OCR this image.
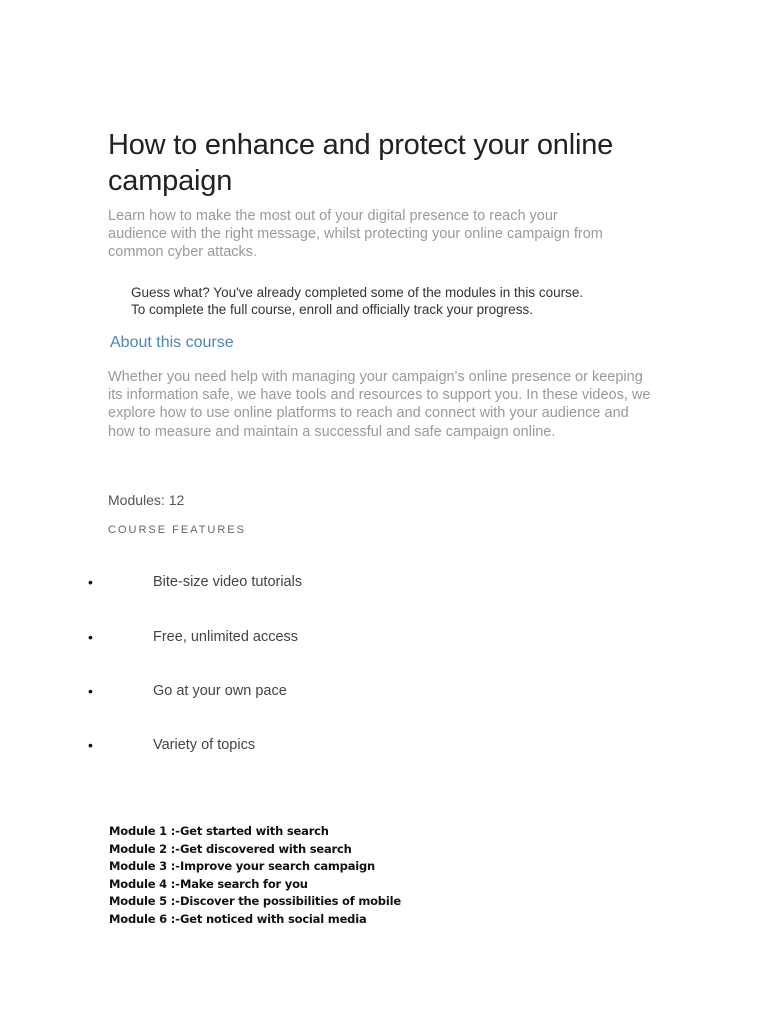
How to enhance and protect your online campaign

Learn how to make the most out of your digital presence to reach your audience with the right message, whilst protecting your online campaign from common cyber attacks.

Guess what? You've already completed some of the modules in this course.
To complete the full course, enroll and officially track your progress.

About this course

Whether you need help with managing your campaign's online presence or keeping its information safe, we have tools and resources to support you. In these videos, we explore how to use online platforms to reach and connect with your audience and how to measure and maintain a successful and safe campaign online.

Modules: 12

COURSE FEATURES

•	Bite-size video tutorials
•	Free, unlimited access
•	Go at your own pace
•	Variety of topics
Module 1 :-Get started with search
Module 2 :-Get discovered with search
Module 3 :-Improve your search campaign
Module 4 :-Make search for you
Module 5 :-Discover the possibilities of mobile
Module 6 :-Get noticed with social media
